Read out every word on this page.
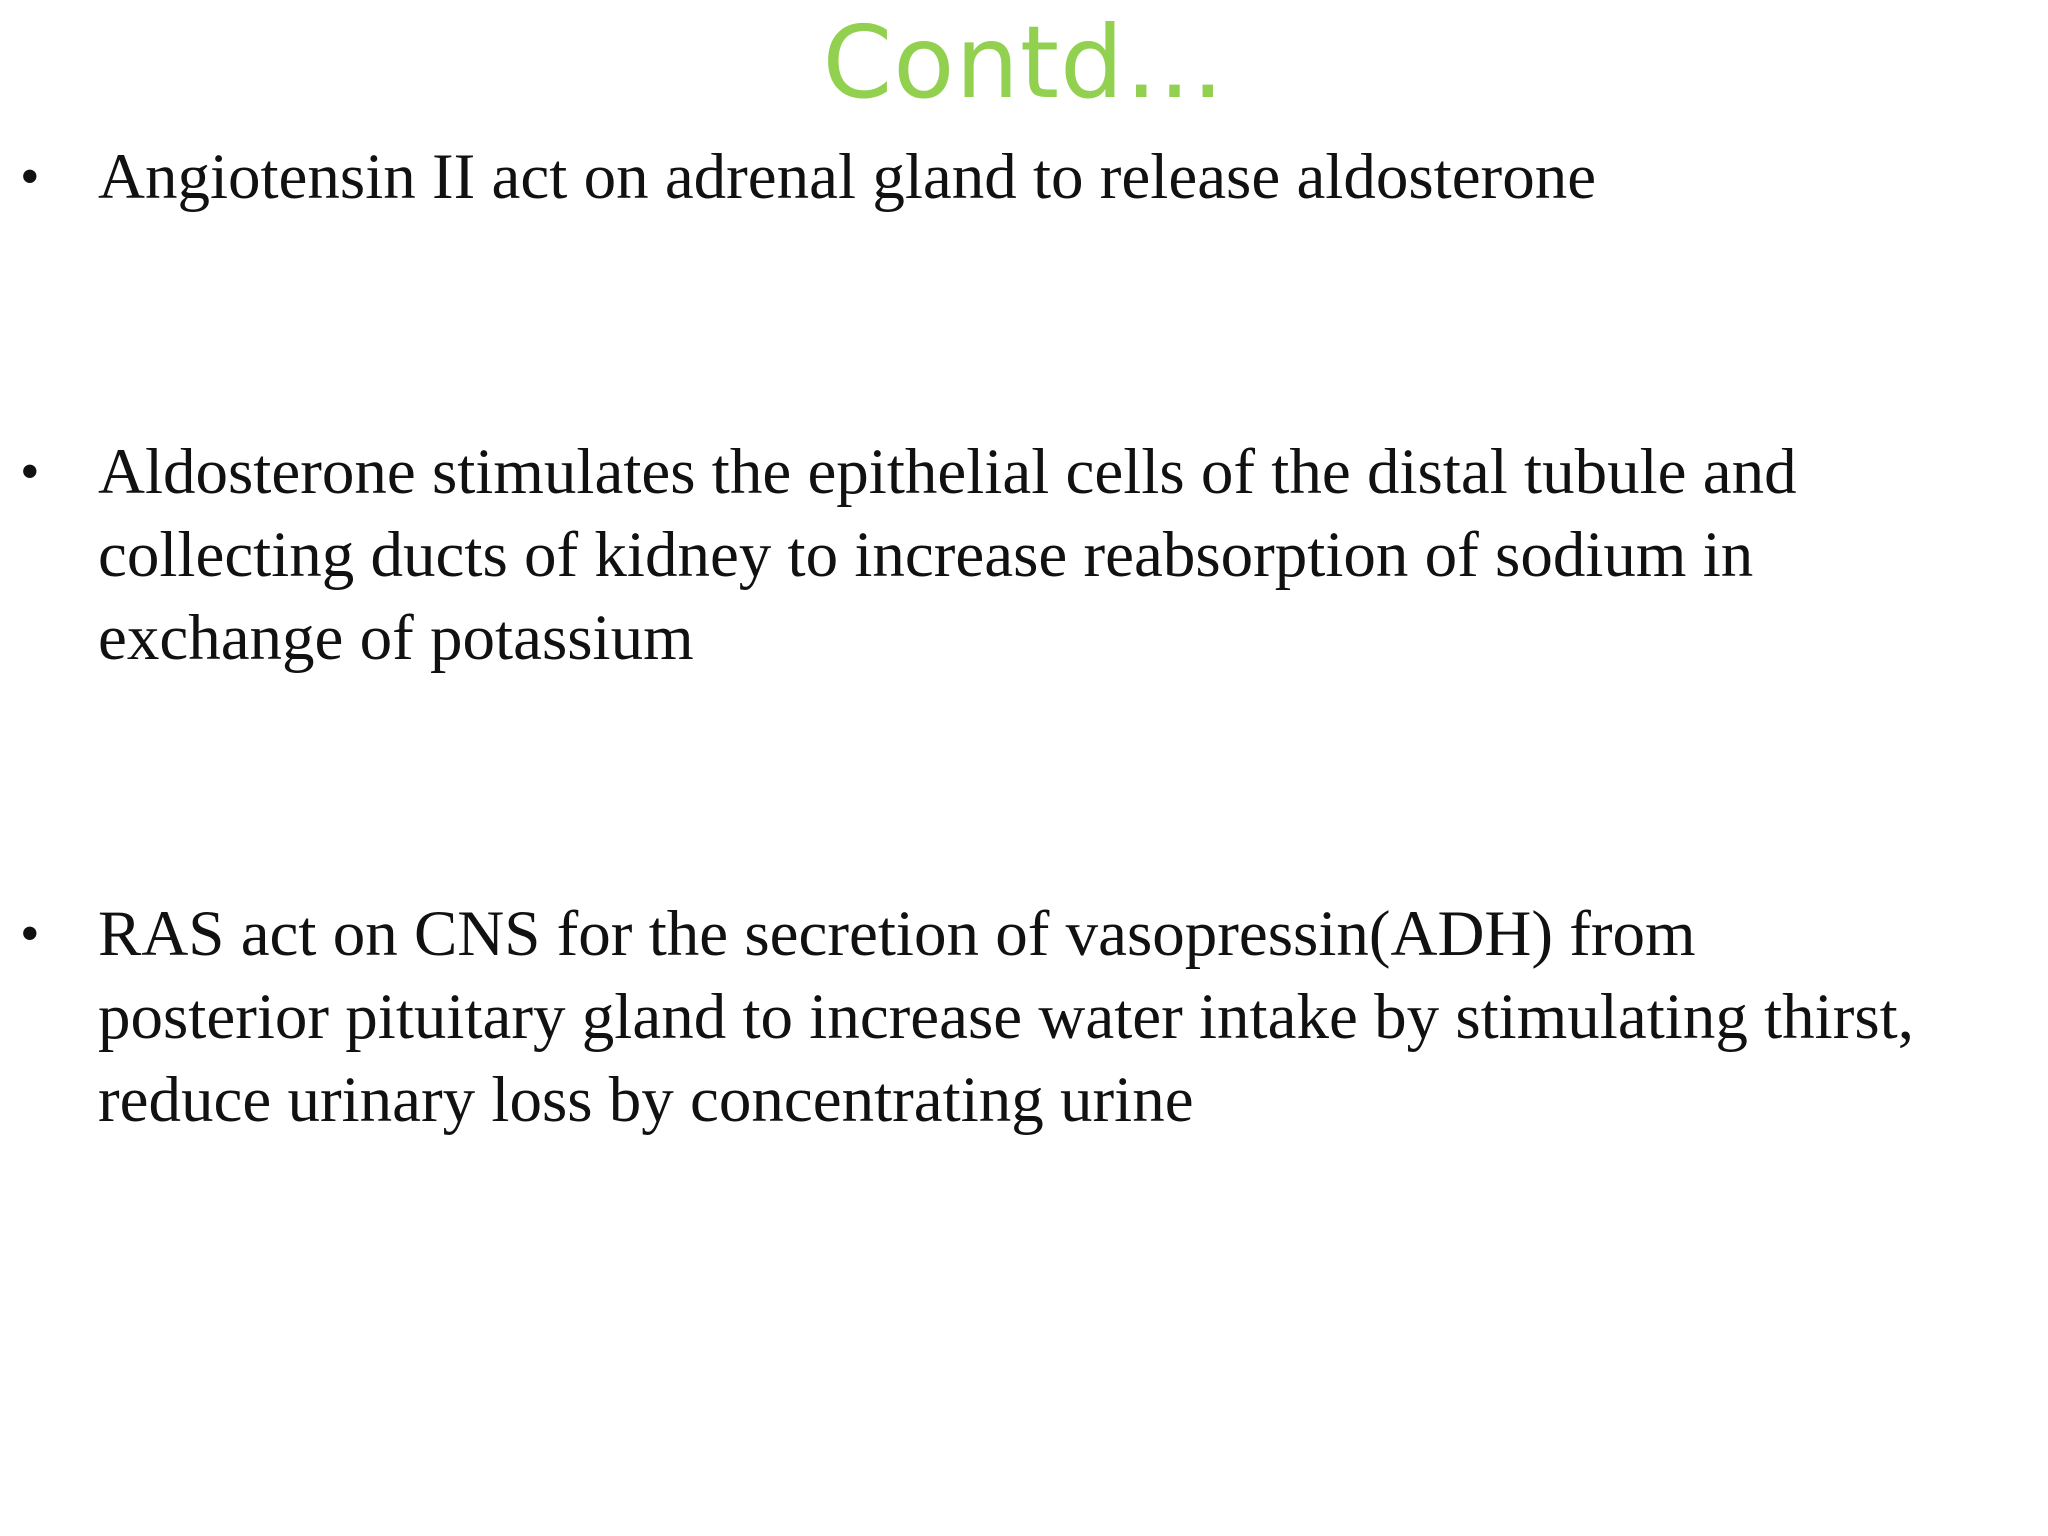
Contd…
• Angiotensin II act on adrenal gland to release aldosterone
• Aldosterone stimulates the epithelial cells of the distal tubule and
collecting ducts of kidney to increase reabsorption of sodium in
exchange of potassium
• RAS act on CNS for the secretion of vasopressin(ADH) from
posterior pituitary gland to increase water intake by stimulating thirst,
reduce urinary loss by concentrating urine
